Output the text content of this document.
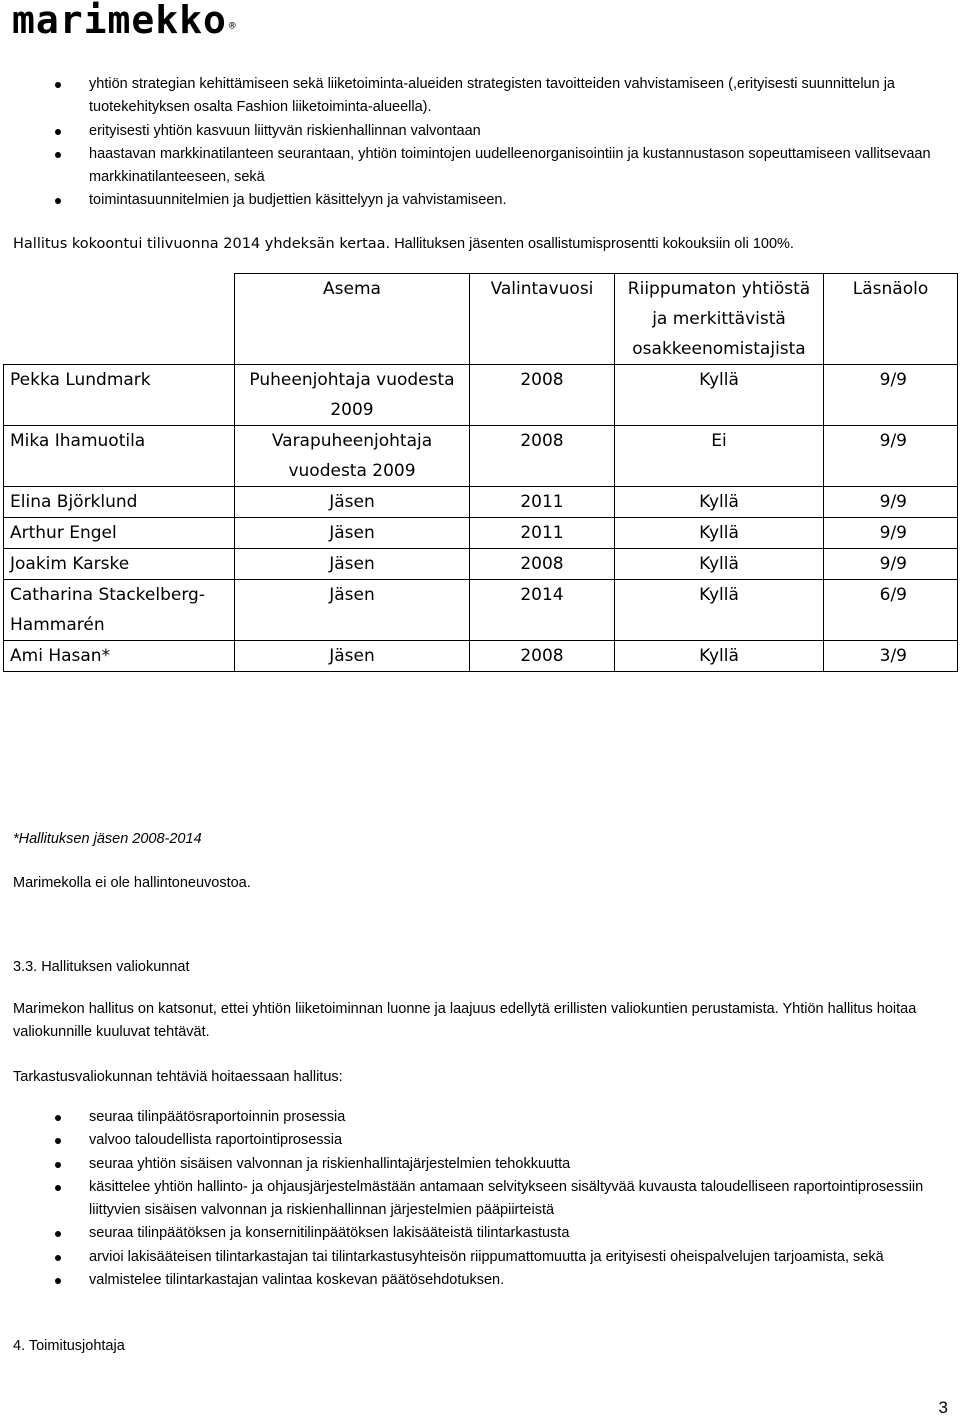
marimekko ®
yhtiön strategian kehittämiseen sekä liiketoiminta-alueiden strategisten tavoitteiden vahvistamiseen (,erityisesti suunnittelun ja tuotekehityksen osalta Fashion liiketoiminta-alueella).
erityisesti yhtiön kasvuun liittyvän riskienhallinnan valvontaan
haastavan markkinatilanteen seurantaan, yhtiön toimintojen uudelleenorganisointiin ja kustannustason sopeuttamiseen vallitsevaan markkinatilanteeseen, sekä
toimintasuunnitelmien ja budjettien käsittelyyn ja vahvistamiseen.
Hallitus kokoontui tilivuonna 2014 yhdeksän kertaa. Hallituksen jäsenten osallistumisprosentti kokouksiin oli 100%.
	Asema	Valintavuosi	Riippumaton yhtiöstä ja merkittävistä osakkeenomistajista	Läsnäolo
Pekka Lundmark	Puheenjohtaja vuodesta 2009	2008	Kyllä	9/9
Mika Ihamuotila	Varapuheenjohtaja vuodesta 2009	2008	Ei	9/9
Elina Björklund	Jäsen	2011	Kyllä	9/9
Arthur Engel	Jäsen	2011	Kyllä	9/9
Joakim Karske	Jäsen	2008	Kyllä	9/9
Catharina Stackelberg-Hammarén	Jäsen	2014	Kyllä	6/9
Ami Hasan*	Jäsen	2008	Kyllä	3/9
*Hallituksen jäsen 2008-2014
Marimekolla ei ole hallintoneuvostoa.
3.3. Hallituksen valiokunnat
Marimekon hallitus on katsonut, ettei yhtiön liiketoiminnan luonne ja laajuus edellytä erillisten valiokuntien perustamista. Yhtiön hallitus hoitaa valiokunnille kuuluvat tehtävät.
Tarkastusvaliokunnan tehtäviä hoitaessaan hallitus:
seuraa tilinpäätösraportoinnin prosessia
valvoo taloudellista raportointiprosessia
seuraa yhtiön sisäisen valvonnan ja riskienhallintajärjestelmien tehokkuutta
käsittelee yhtiön hallinto- ja ohjausjärjestelmästään antamaan selvitykseen sisältyvää kuvausta taloudelliseen raportointiprosessiin liittyvien sisäisen valvonnan ja riskienhallinnan järjestelmien pääpiirteistä
seuraa tilinpäätöksen ja konsernitilinpäätöksen lakisääteistä tilintarkastusta
arvioi lakisääteisen tilintarkastajan tai tilintarkastusyhteisön riippumattomuutta ja erityisesti oheispalvelujen tarjoamista, sekä
valmistelee tilintarkastajan valintaa koskevan päätösehdotuksen.
4. Toimitusjohtaja
3
